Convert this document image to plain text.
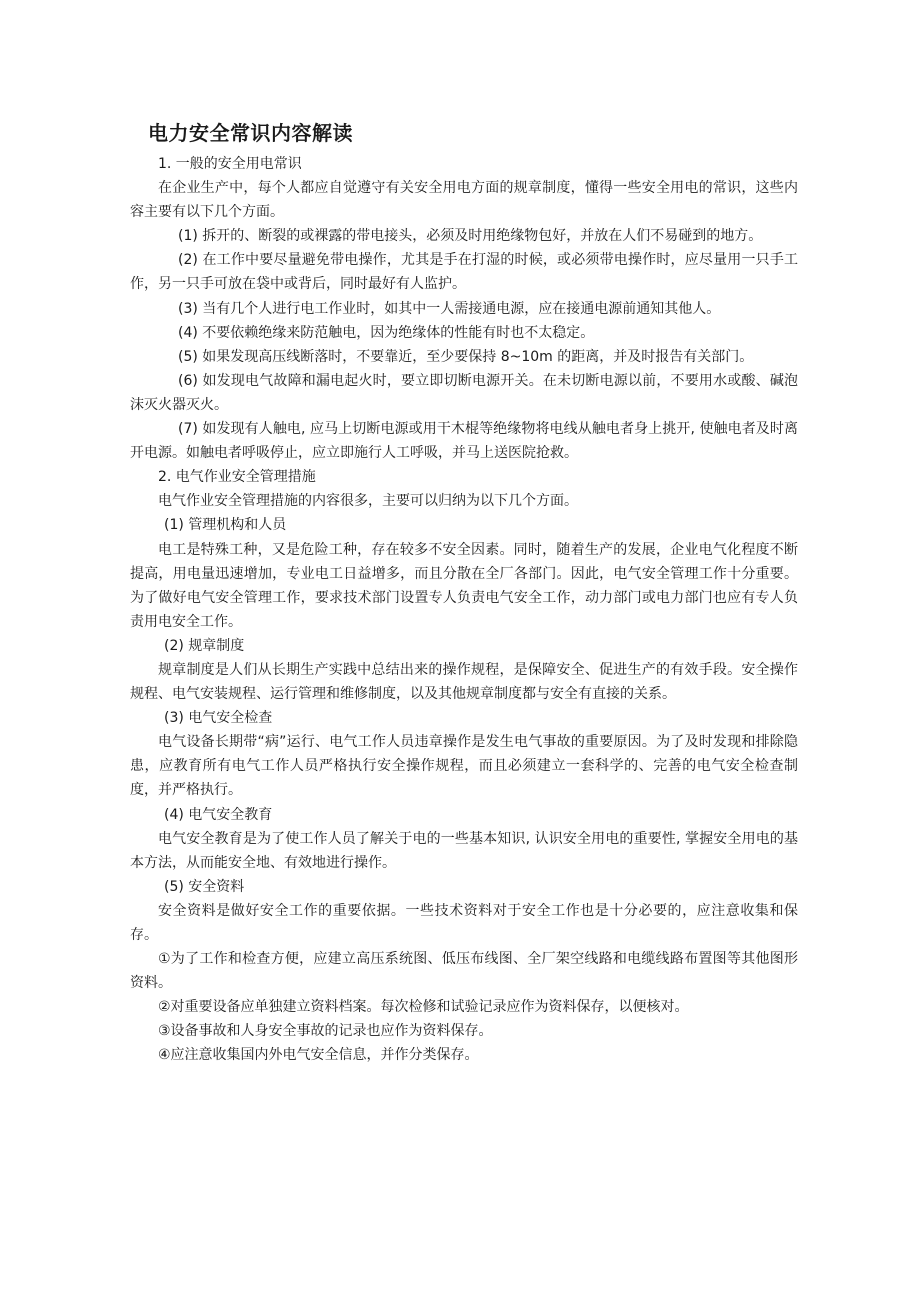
电力安全常识内容解读

1. 一般的安全用电常识

在企业生产中，每个人都应自觉遵守有关安全用电方面的规章制度，懂得一些安全用电的常识，这些内容主要有以下几个方面。

(1) 拆开的、断裂的或裸露的带电接头，必须及时用绝缘物包好，并放在人们不易碰到的地方。

(2) 在工作中要尽量避免带电操作，尤其是手在打湿的时候，或必须带电操作时，应尽量用一只手工作，另一只手可放在袋中或背后，同时最好有人监护。

(3) 当有几个人进行电工作业时，如其中一人需接通电源，应在接通电源前通知其他人。

(4) 不要依赖绝缘来防范触电，因为绝缘体的性能有时也不太稳定。

(5) 如果发现高压线断落时，不要靠近，至少要保持 8~10m 的距离，并及时报告有关部门。

(6) 如发现电气故障和漏电起火时，要立即切断电源开关。在未切断电源以前，不要用水或酸、碱泡沫灭火器灭火。

(7) 如发现有人触电, 应马上切断电源或用干木棍等绝缘物将电线从触电者身上挑开, 使触电者及时离开电源。如触电者呼吸停止，应立即施行人工呼吸，并马上送医院抢救。

2. 电气作业安全管理措施

电气作业安全管理措施的内容很多，主要可以归纳为以下几个方面。

(1) 管理机构和人员

电工是特殊工种，又是危险工种，存在较多不安全因素。同时，随着生产的发展，企业电气化程度不断提高，用电量迅速增加，专业电工日益增多，而且分散在全厂各部门。因此，电气安全管理工作十分重要。为了做好电气安全管理工作，要求技术部门设置专人负责电气安全工作，动力部门或电力部门也应有专人负责用电安全工作。

(2) 规章制度

规章制度是人们从长期生产实践中总结出来的操作规程，是保障安全、促进生产的有效手段。安全操作规程、电气安装规程、运行管理和维修制度，以及其他规章制度都与安全有直接的关系。

(3) 电气安全检查

电气设备长期带“病”运行、电气工作人员违章操作是发生电气事故的重要原因。为了及时发现和排除隐患，应教育所有电气工作人员严格执行安全操作规程，而且必须建立一套科学的、完善的电气安全检查制度，并严格执行。

(4) 电气安全教育

电气安全教育是为了使工作人员了解关于电的一些基本知识, 认识安全用电的重要性, 掌握安全用电的基本方法，从而能安全地、有效地进行操作。

(5) 安全资料

安全资料是做好安全工作的重要依据。一些技术资料对于安全工作也是十分必要的，应注意收集和保存。

①为了工作和检查方便，应建立高压系统图、低压布线图、全厂架空线路和电缆线路布置图等其他图形资料。

②对重要设备应单独建立资料档案。每次检修和试验记录应作为资料保存，以便核对。

③设备事故和人身安全事故的记录也应作为资料保存。

④应注意收集国内外电气安全信息，并作分类保存。
